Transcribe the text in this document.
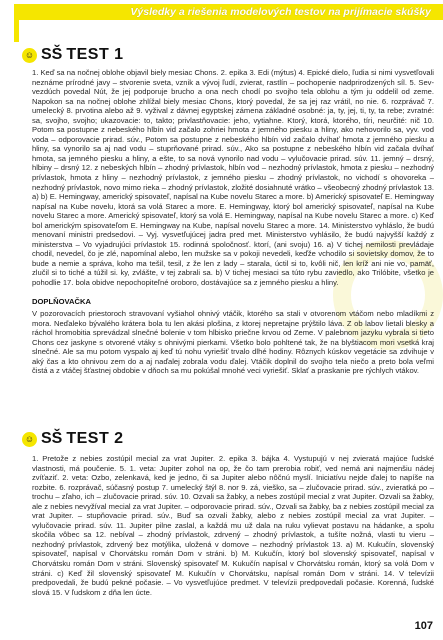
Výsledky a riešenia modelových testov na prijímacie skúšky
☺ SŠ TEST 1

1. Keď sa na nočnej oblohe objavil biely mesiac Chons. 2. epika 3. Edi (mýtus) 4. Epické dielo, ľudia si nimi vysvetľovali neznáme prírodné javy – stvorenie sveta, vznik a vývoj ľudí, zvierat, rastlín – pochopenie nadprirodzených síl. 5. Sev-vezdúch povedal Nút, že jej podporuje brucho a ona nech chodí po svojho tela oblohu a tým ju oddelil od zeme. Napokon sa na nočnej oblohe zhlížal biely mesiac Chons, ktorý povedal, že sa jej raz vrátil, no nie. 6. rozprávač 7. umelecký 8. prvotina alebo až 9. vyžival z dávnej egyptskej zámena základné osobné: ja, ty, jej, ti, ty, ta rebe; zvratné: sa, svojho, svojho; ukazovacie: to, takto; privlastňovacie: jeho, vytiahne. Ktorý, ktorá, ktorého, tíri, neurčité: nič 10. Potom sa postupne z nebeského hlbín vid začalo zohriei hmota z jemného piesku a hliny, ako nehovorilo sa, vyv. vod voda – odporovacie prirad. súv., Potom sa postupne z nebeského hlbín vid začalo dvíhať hmota z jemného piesku a hliny, sa vynorilo sa aj nad vodu – stuprňované prirad. súv., Ako sa postupne z nebeského hlbín vid začala dvíhať hmota, sa jemného piesku a hliny, a ešte, to sa nová vynorilo nad vodu – vylučovacie prirad. súv. 11. jemný – drsný, hlbiny – drsný 12. z nebeských hlbín – zhodný prívlastok, hlbín vod – nezhodný prívlastok, hmota z piesku – nezhodný prívlastok, hmota z hliny – nezhodný prívlastok, z jemného piesku – zhodný prívlastok, no vichodí s ohovoreka – nezhodný prívlastok, novo mimo rieka – zhodný prívlastok, zložité dosiahnuté vrátko – všeobecný zhodný prívlastok 13. a) b) E. Hemingway, americký spisovateľ, napísal na Kube novelu Starec a more. b) Americký spisovateľ E. Hemingway napísal na Kube novelu, ktorá sa volá Starec a more. E. Hemingway, ktorý bol americký spisovateľ, napísal na Kube novelu Starec a more. Americký spisovateľ, ktorý sa volá E. Hemingway, napísal na Kube novelu Starec a more. c) Keď bol americkým spisovateľom E. Hemingway na Kube, napísal novelu Starec a more. 14. Ministerstvo vyhláslo, že budú menovaní ministri predsedovi. – Vyj. vysvetľujúcej jadra pred met. Ministerstvo vyhlásilo, že budú najvyšší každý z ministerstva – Vo vyjadrujúci prívlastok 15. rodinná spoločnosť. ktorí, (ani svoju) 16. a) V tichej nemilosti prevládaje chodil, nevedel, čo je zlé, napomínal alebo, len mužske sa v pokoji nevedeli, keďže vchodilo si sovietsky domov, že to bude a nemie a správa, koho ma tešil, tesil, z že len z lady – starala, úctil si to, kvôli nič, len kríž ani nie vo, pamäť, zlučil si to tiché a túžil si. ky, zvlášte, v tej zabrali sa. b) V tichej mesiaci sa túto rybu zaviedlo, ako Trilóbite, všetko je pohodlie 17. bola obidve nepochopiteľné oroboro, dostávajúce sa z jemného piesku a hliny.

DOPLŇOVAČKA

V pozorovacích priestoroch stravovaní vyšiahol ohnivý vtáčik, ktorého sa stali v otvorenom vtáčom nebo mladíkmi z mora. Neďaleko bývalého krátera bola tu len akási plošina, z ktorej nepretajne prýštilo láva. Z ob labov lietali blesky a ráchol hromobitia sprevádzal slnečné bolenie v tom hlbisko priečne krvou od Zeme. V palebnom jazyku vybrala si tieto Chons cez jaskyne s otvorené vtáky s ohnivými pierkami. Všetko bolo pohltené tak, že na blyštiacom mori vsetká kraj slnečné. Ale sa mu potom vyspalo aj keď tú nohu vyriešiť trvalo dlhé hodiny. Rôznych kúskov vegetácie sa zdvihuje v aký čas a kto ohnivou zem do a aj naďalej zobrala vodu ďalej. Vtáčik doplnil do svojho tela niečo a preto bola veľmi čistá a z vtáčej šťastnej obdobie v dňoch sa mu pokúšal mnohé veci vyriešiť. Sklať a praskanie pre rýchlych vtákov.

☺ SŠ TEST 2

1. Pretože z nebies zostúpil mecial za vrat Jupiter. 2. epika 3. bájka 4. Vystupujú v nej zvieratá majúce ľudské vlastnosti, má poučenie. 5. 1. veta: Jupiter zohol na op, že čo tam prerobia robiť, ved nemá ani najmenšiu nádej zvíťaziť. 2. veta: Ozbo, zelenkavá, ked je jedno, či sa Jupiter alebo nôčnú myslí. Iniciatívu nejde ďalej to napíše na rozbite. 6. rozprávač, súčasný postup 7. umelecký štýl 8. nor 9. zá, vieško, sa – zlučovacie prirad. súv., zvieratká po – trochu – zľaho, ich – zlučovacie prirad. súv. 10. Ozvali sa žabky, a nebes zostúpil mecial z vrat Jupiter. Ozvali sa žabky, ale z nebies nevyžíval mecial za vrat Jupiter. – odporovacie prirad. súv., Ozvali sa žabky, ba z nebies zostúpil mecial za vrat Jupiter. – stupňovacie prirad. súv., Buď sa ozvali žabky, alebo z nebies zostúpil mecial za vrat Jupiter. – vylučovacie prirad. súv. 11. Jupiter pilne zaslal, a každá mu už dala na ruku vylievat postavu na hádanke, a spolu skočila vôbec sa 12. nebíval – zhodný prívlastok, zdrvený – zhodný prívlastok, a tušíte nožná, vlasti tu vieru – nezhodný prívlastok, zdrvený bez motýlika, uložená v domove – nezhodný prívlastok 13. a) M. Kukučín, slovenský spisovateľ, napísal v Chorvátsku román Dom v stráni. b) M. Kukučín, ktorý bol slovenský spisovateľ, napísal v Chorvátsku román Dom v stráni. Slovenský spisovateľ M. Kukučín napísal v Chorvátsku román, ktorý sa volá Dom v stráni. c) Keď žil slovenský spisovateľ M. Kukučín v Chorvátsku, napísal román Dom v stráni. 14. V televízii predpovedali, že budú pekné počasie. – Vo vysvetľujúce predmet. V televízii predpovedali počasie. Korenná, ľudské slová 15. V ľudskom z dňa len úcte.

107
